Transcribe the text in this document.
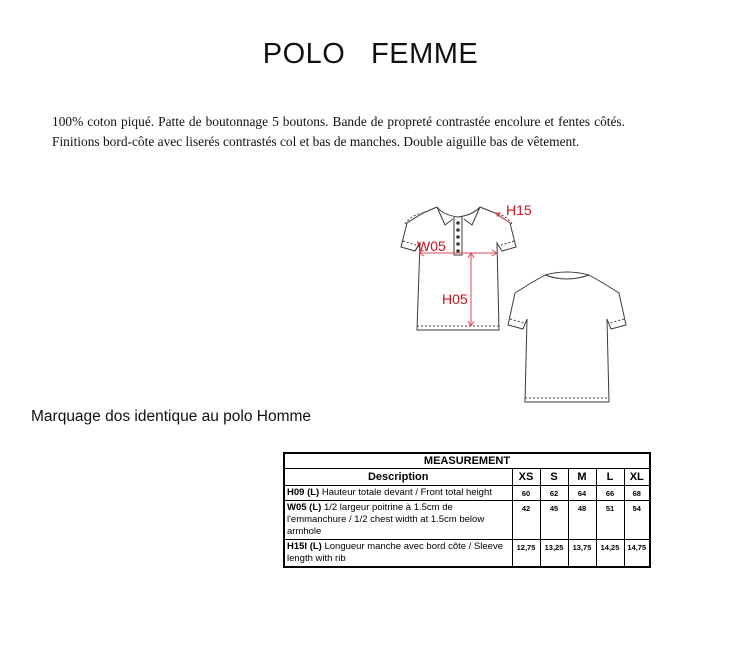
POLO   FEMME
100% coton piqué. Patte de boutonnage 5 boutons. Bande de propreté contrastée encolure et fentes côtés. Finitions bord-côte avec liserés contrastés col et bas de manches. Double aiguille bas de vêtement.
H15
W05
H05
Marquage dos identique au polo Homme
MEASUREMENT					
Description	XS	S	M	L	XL
H09 (L) Hauteur totale devant / Front total height	60	62	64	66	68
W05 (L) 1/2 largeur poitrine à 1.5cm de l'emmanchure / 1/2 chest width at 1.5cm below armhole	42	45	48	51	54
H15I (L) Longueur manche avec bord côte / Sleeve length with rib	12,75	13,25	13,75	14,25	14,75
